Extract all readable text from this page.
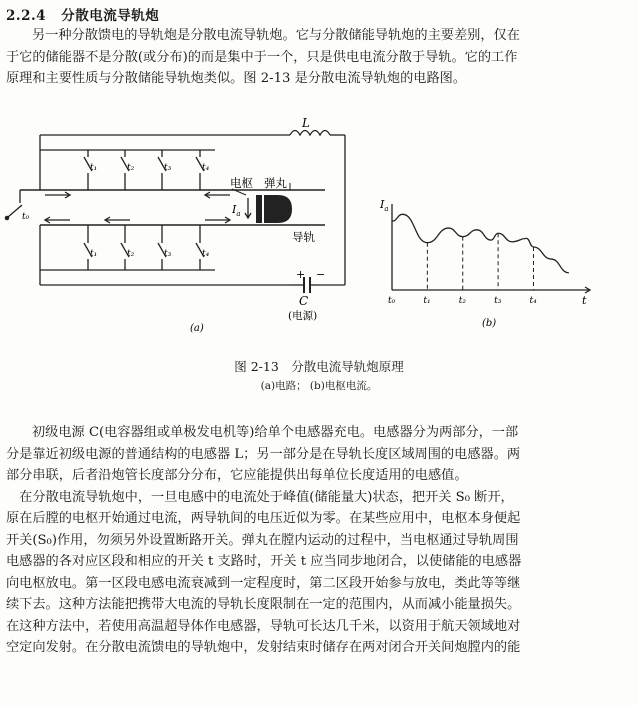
2.2.4 分散电流导轨炮
另一种分散馈电的导轨炮是分散电流导轨炮。它与分散储能导轨炮的主要差别，仅在
于它的储能器不是分散(或分布)的而是集中于一个，只是供电电流分散于导轨。它的工作
原理和主要性质与分散储能导轨炮类似。图 2-13 是分散电流导轨炮的电路图。
L
t₁	t₂	t₃	t₄
t₁	t₂	t₃	t₄
t₀
电枢 弹丸
$I_a$
导轨
+ −
C
(电源)
(a)
t₀	t₁	t₂	t₃	t₄
$I_a$
t
(b)
图 2-13　分散电流导轨炮原理
(a)电路； (b)电枢电流。
初级电源 C(电容器组或单极发电机等)给单个电感器充电。电感器分为两部分，一部
分是靠近初级电源的普通结构的电感器 L；另一部分是在导轨长度区域周围的电感器。两
部分串联，后者沿炮管长度部分分布，它应能提供出每单位长度适用的电感值。
　在分散电流导轨炮中，一旦电感中的电流处于峰值(储能量大)状态，把开关 S₀ 断开，
原在后膛的电枢开始通过电流，两导轨间的电压近似为零。在某些应用中，电枢本身便起
开关(S₀)作用，勿须另外设置断路开关。弹丸在膛内运动的过程中，当电枢通过导轨周围
电感器的各对应区段和相应的开关 t 支路时，开关 t 应当同步地闭合，以使储能的电感器
向电枢放电。第一区段电感电流衰减到一定程度时，第二区段开始参与放电，类此等等继
续下去。这种方法能把携带大电流的导轨长度限制在一定的范围内，从而减小能量损失。
在这种方法中，若使用高温超导体作电感器，导轨可长达几千米，以资用于航天领域地对
空定向发射。在分散电流馈电的导轨炮中，发射结束时储存在两对闭合开关间炮膛内的能
